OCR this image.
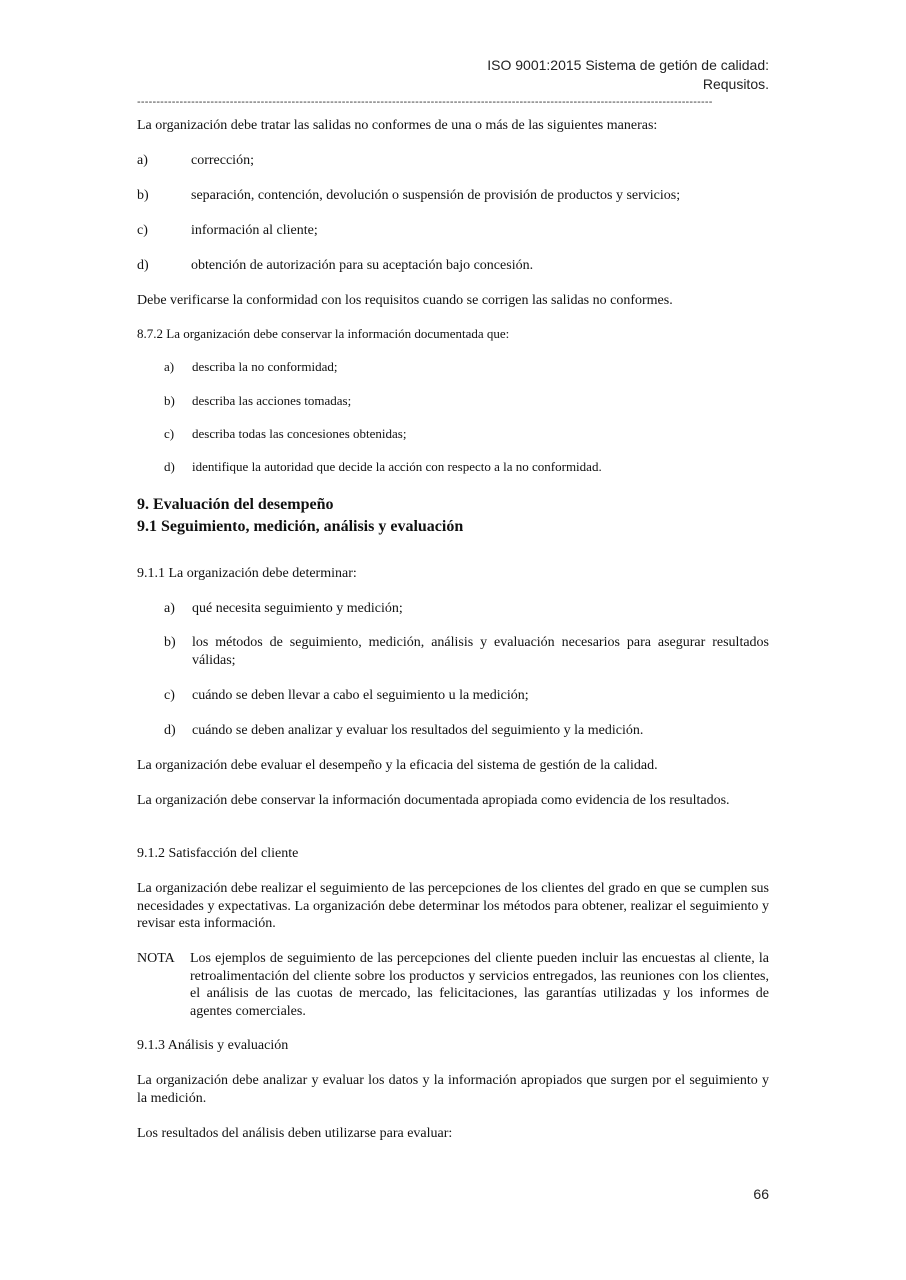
ISO 9001:2015 Sistema de getión de calidad:
Requsitos.
-----------------------------------------------------------------------------------------------------------------------------------------------------
La organización debe tratar las salidas no conformes de una o más de las siguientes maneras:
a)	corrección;
b)	separación, contención, devolución o suspensión de provisión de productos y servicios;
c)	información al cliente;
d)	obtención de autorización para su aceptación bajo concesión.
Debe verificarse la conformidad con los requisitos cuando se corrigen las salidas no conformes.
8.7.2 La organización debe conservar la información documentada que:
a) describa la no conformidad;
b) describa las acciones tomadas;
c) describa todas las concesiones obtenidas;
d) identifique la autoridad que decide la acción con respecto a la no conformidad.
9. Evaluación del desempeño
9.1 Seguimiento, medición, análisis y evaluación
9.1.1 La organización debe determinar:
a) qué necesita seguimiento y medición;
b) los métodos de seguimiento, medición, análisis y evaluación necesarios para asegurar resultados válidas;
c) cuándo se deben llevar a cabo el seguimiento u la medición;
d) cuándo se deben analizar y evaluar los resultados del seguimiento y la medición.
La organización debe evaluar el desempeño y la eficacia del sistema de gestión de la calidad.
La organización debe conservar la información documentada apropiada como evidencia de los resultados.
9.1.2 Satisfacción del cliente
La organización debe realizar el seguimiento de las percepciones de los clientes del grado en que se cumplen sus necesidades y expectativas. La organización debe determinar los métodos para obtener, realizar el seguimiento y revisar esta información.
NOTA Los ejemplos de seguimiento de las percepciones del cliente pueden incluir las encuestas al cliente, la retroalimentación del cliente sobre los productos y servicios entregados, las reuniones con los clientes, el análisis de las cuotas de mercado, las felicitaciones, las garantías utilizadas y los informes de agentes comerciales.
9.1.3 Análisis y evaluación
La organización debe analizar y evaluar los datos y la información apropiados que surgen por el seguimiento y la medición.
Los resultados del análisis deben utilizarse para evaluar:
66
